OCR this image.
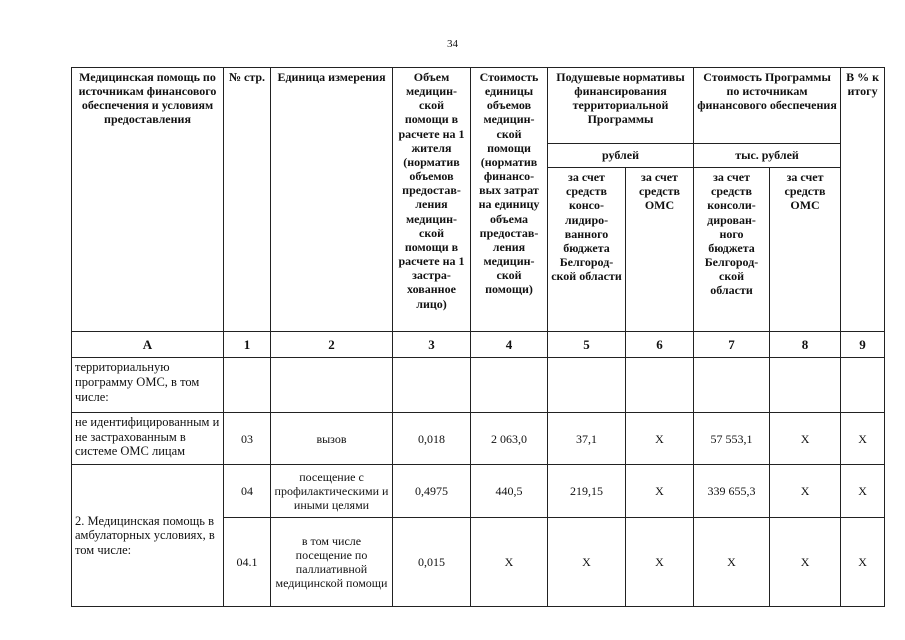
34
Медицинская помощь по источникам финансового обеспечения и условиям предоставления	№ стр.	Единица измерения	Объем медицин-ской помощи в расчете на 1 жителя (норматив объемов предостав-ления медицин-ской помощи в расчете на 1 застра-хованное лицо)	Стоимость единицы объемов медицин-ской помощи (норматив финансо-вых затрат на единицу объема предостав-ления медицин-ской помощи)	Подушевые нормативы финансирования территориальной Программы		Стоимость Программы по источникам финансового обеспечения		В % к итогу
					рублей		тыс. рублей		
					за счет средств консо-лидиро-ванного бюджета Белгород-ской области	за счет средств ОМС	за счет средств консоли-дирован-ного бюджета Белгород-ской области	за счет средств ОМС	
А	1	2	3	4	5	6	7	8	9
территориальную программу ОМС, в том числе:									
не идентифицированным и не застрахованным в системе ОМС лицам	03	вызов	0,018	2 063,0	37,1	Х	57 553,1	Х	Х
2. Медицинская помощь в амбулаторных условиях, в том числе:	04	посещение с профилактическими и иными целями	0,4975	440,5	219,15	Х	339 655,3	Х	Х
	04.1	в том числе посещение по паллиативной медицинской помощи	0,015	Х	Х	Х	Х	Х	Х
